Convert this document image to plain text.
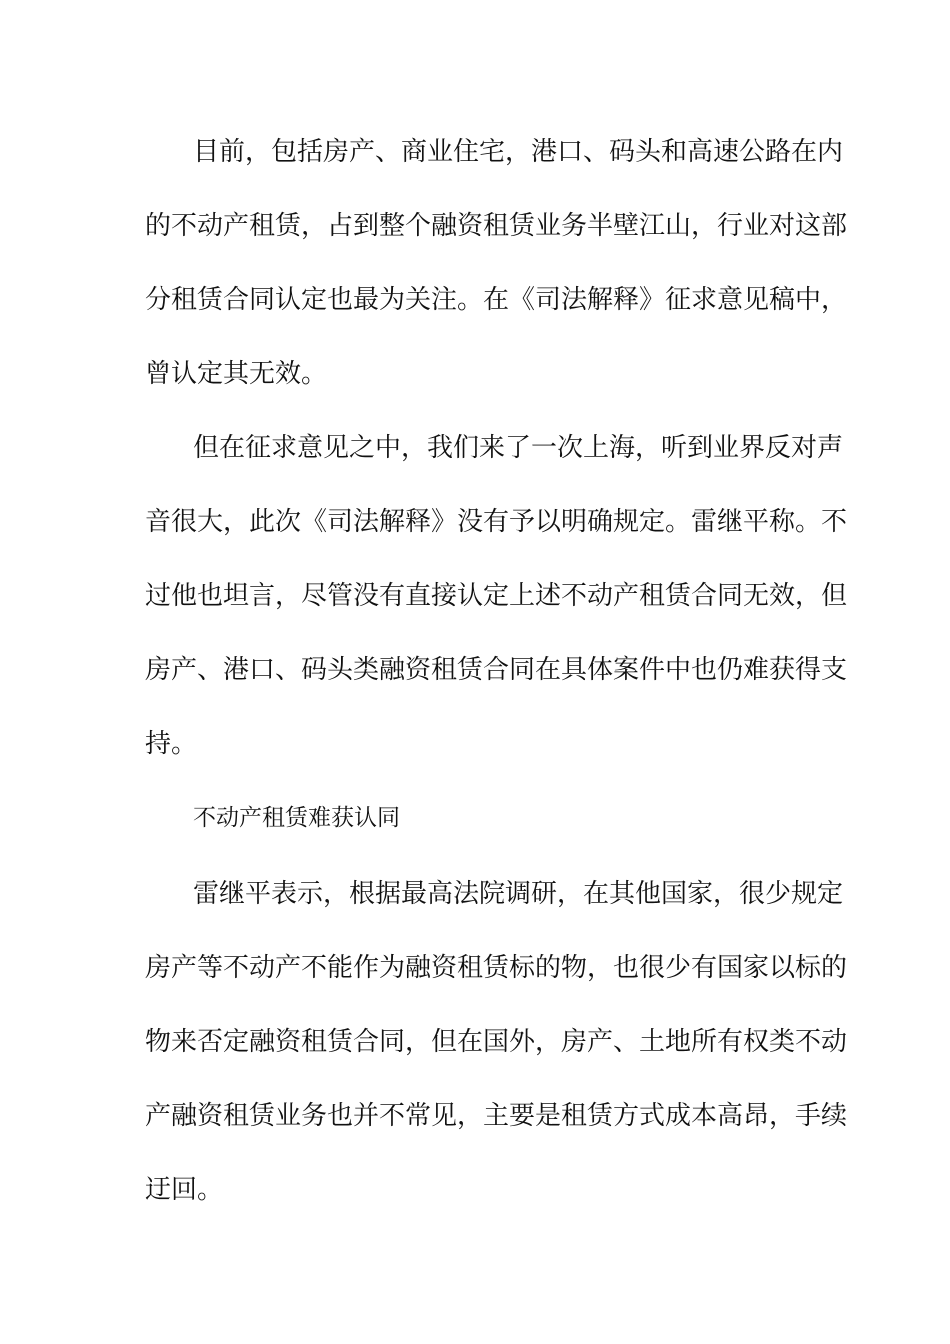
目前，包括房产、商业住宅，港口、码头和高速公路在内
的不动产租赁，占到整个融资租赁业务半壁江山，行业对这部
分租赁合同认定也最为关注。在《司法解释》征求意见稿中，
曾认定其无效。
但在征求意见之中，我们来了一次上海，听到业界反对声
音很大，此次《司法解释》没有予以明确规定。雷继平称。不
过他也坦言，尽管没有直接认定上述不动产租赁合同无效，但
房产、港口、码头类融资租赁合同在具体案件中也仍难获得支
持。
不动产租赁难获认同
雷继平表示，根据最高法院调研，在其他国家，很少规定
房产等不动产不能作为融资租赁标的物，也很少有国家以标的
物来否定融资租赁合同，但在国外，房产、土地所有权类不动
产融资租赁业务也并不常见，主要是租赁方式成本高昂，手续
迂回。
